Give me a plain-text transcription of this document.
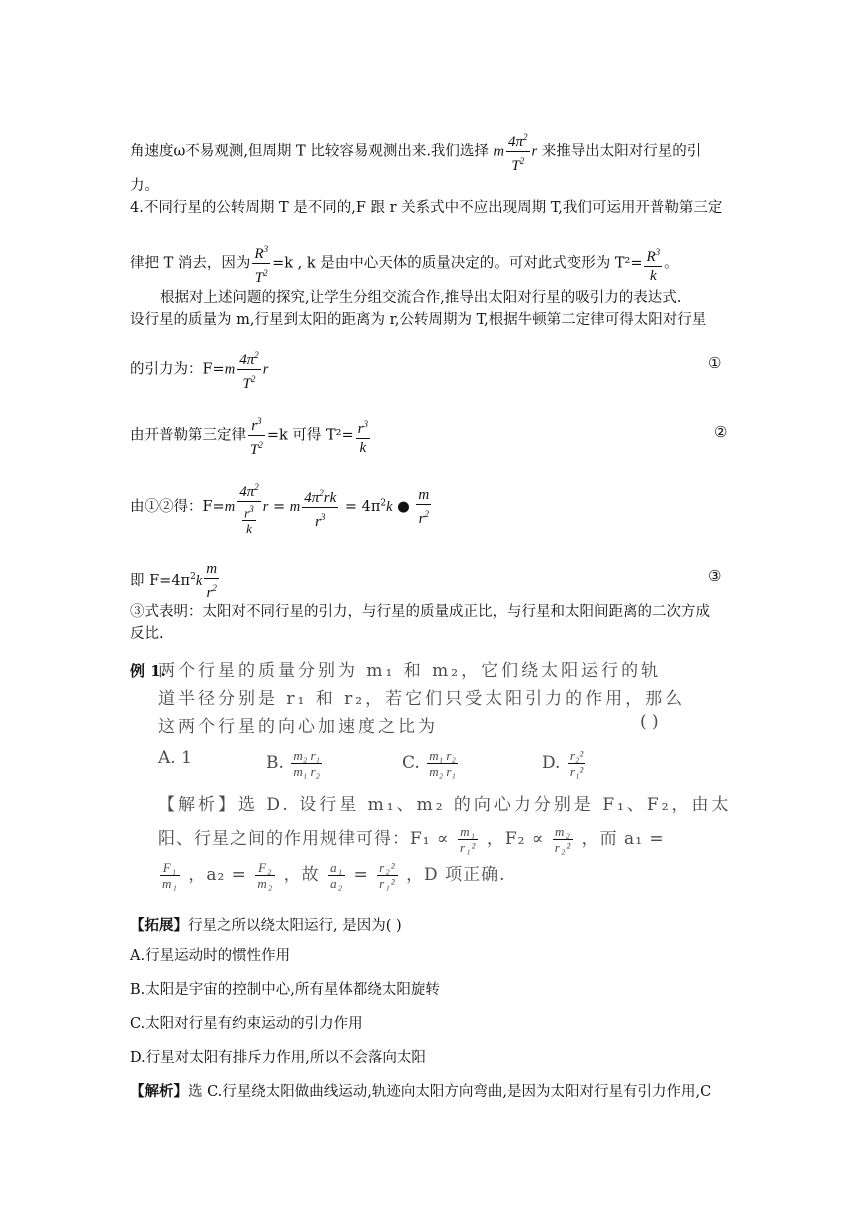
角速度ω不易观测,但周期 T 比较容易观测出来.我们选择 m $\frac{4\pi^2}{T^2}$ r 来推导出太阳对行星的引
力。
4.不同行星的公转周期 T 是不同的,F 跟 r 关系式中不应出现周期 T,我们可运用开普勒第三定
律把 T 消去，因为 $\frac{R^3}{T^2} =k$ , k 是由中心天体的质量决定的。可对此式变形为 $T^2= \frac{R^3}{k}$ 。
根据对上述问题的探究,让学生分组交流合作,推导出太阳对行星的吸引力的表达式.
设行星的质量为 m,行星到太阳的距离为 r,公转周期为 T,根据牛顿第二定律可得太阳对行星
的引力为：$F=m \frac{4\pi^2}{T^2}$ r	①
由开普勒第三定律 $\frac{r^3}{T^2} =k$ 可得 $T^2= \frac{r^3}{k}$	②
由①②得：$F=m \frac{4\pi^2}{\frac{r^3}{k}}$ r = m $\frac{4\pi^2rk}{r^3} = 4\pi^2k$ ● $\frac{m}{r^2}$
即 $F=4\pi^2k \frac{m}{r^2}$	③
③式表明：太阳对不同行星的引力，与行星的质量成正比，与行星和太阳间距离的二次方成
反比.
例 1.
两个行星的质量分别为 m₁ 和 m₂，它们绕太阳运行的轨
道半径分别是 r₁ 和 r₂，若它们只受太阳引力的作用，那么
这两个行星的向心加速度之比为	( )
A. 1	B. $\frac{\text{m₂ r₁}}{\text{m₁ r₂}}$	C. $\frac{\text{m₁ r₂}}{\text{m₂ r₁}}$	D. $\frac{\text{r₂²}}{\text{r₁²}}$
【解析】选 D. 设行星 m₁、m₂ 的向心力分别是 F₁、F₂，由太
阳、行星之间的作用规律可得：$F_1 \propto \frac{\text{m₁}}{\text{r₁²}}$ ，$F_2 \propto \frac{\text{m₂}}{\text{r₂²}}$ ，而 a₁ =
$\frac{\text{F₁}}{\text{m₁}}$ ，$a_2 = \frac{\text{F₂}}{\text{m₂}}$ ，故 $\frac{\text{a₁}}{\text{a₂}} = \frac{\text{r₂²}}{\text{r₁²}}$ ，D 项正确.
【拓展】行星之所以绕太阳运行, 是因为( )
A.行星运动时的惯性作用
B.太阳是宇宙的控制中心,所有星体都绕太阳旋转
C.太阳对行星有约束运动的引力作用
D.行星对太阳有排斥力作用,所以不会落向太阳
【解析】选 C.行星绕太阳做曲线运动,轨迹向太阳方向弯曲,是因为太阳对行星有引力作用,C
